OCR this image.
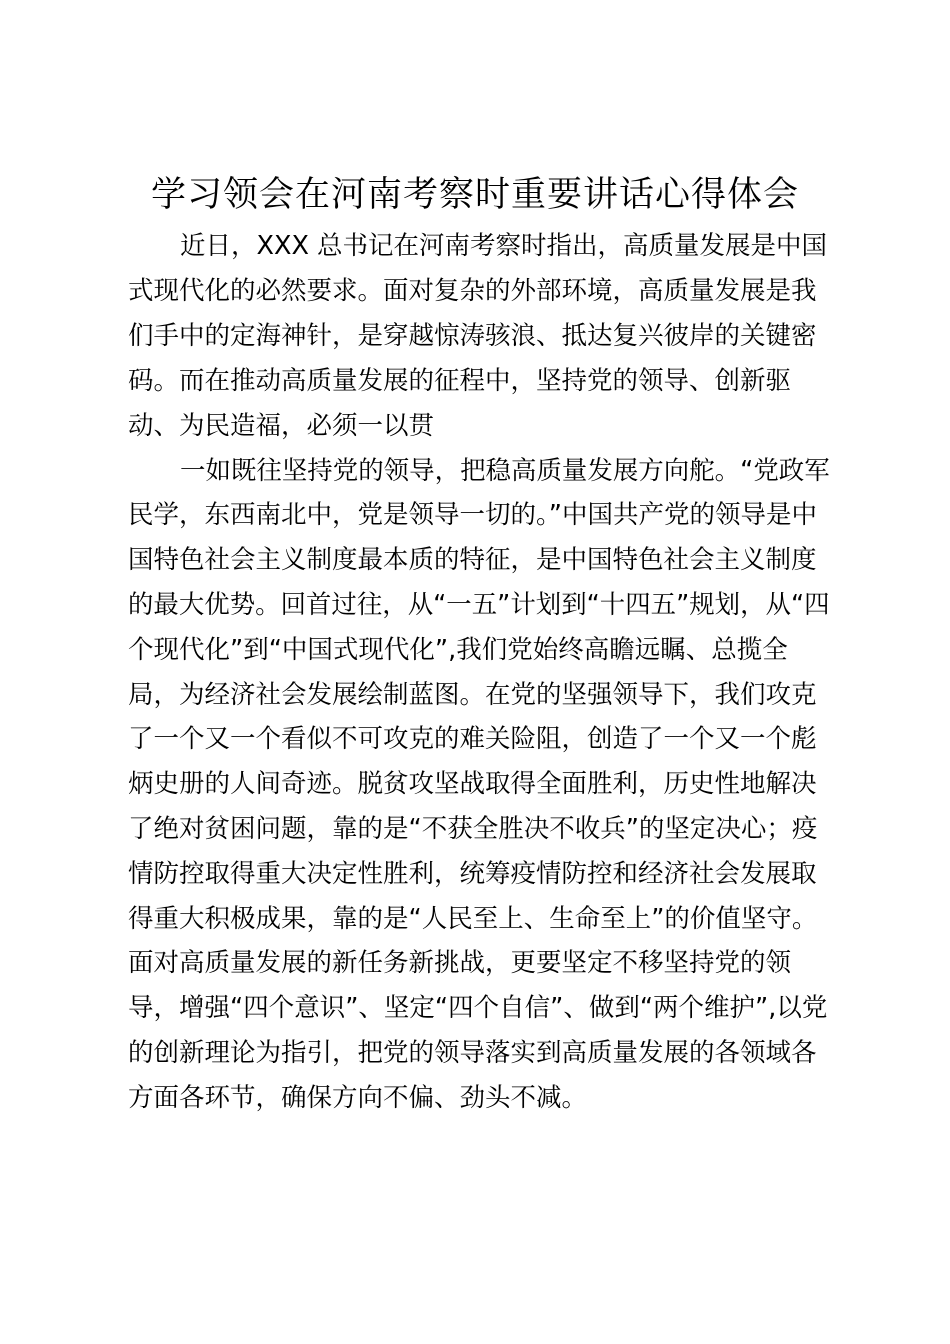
学习领会在河南考察时重要讲话心得体会
近日，XXX 总书记在河南考察时指出，高质量发展是中国
式现代化的必然要求。面对复杂的外部环境，高质量发展是我
们手中的定海神针，是穿越惊涛骇浪、抵达复兴彼岸的关键密
码。而在推动高质量发展的征程中，坚持党的领导、创新驱
动、为民造福，必须一以贯
一如既往坚持党的领导，把稳高质量发展方向舵。“党政军
民学，东西南北中，党是领导一切的。”中国共产党的领导是中
国特色社会主义制度最本质的特征，是中国特色社会主义制度
的最大优势。回首过往，从“一五”计划到“十四五”规划，从“四
个现代化”到“中国式现代化”,我们党始终高瞻远瞩、总揽全
局，为经济社会发展绘制蓝图。在党的坚强领导下，我们攻克
了一个又一个看似不可攻克的难关险阻，创造了一个又一个彪
炳史册的人间奇迹。脱贫攻坚战取得全面胜利，历史性地解决
了绝对贫困问题，靠的是“不获全胜决不收兵”的坚定决心；疫
情防控取得重大决定性胜利，统筹疫情防控和经济社会发展取
得重大积极成果，靠的是“人民至上、生命至上”的价值坚守。
面对高质量发展的新任务新挑战，更要坚定不移坚持党的领
导，增强“四个意识”、坚定“四个自信”、做到“两个维护”,以党
的创新理论为指引，把党的领导落实到高质量发展的各领域各
方面各环节，确保方向不偏、劲头不减。
